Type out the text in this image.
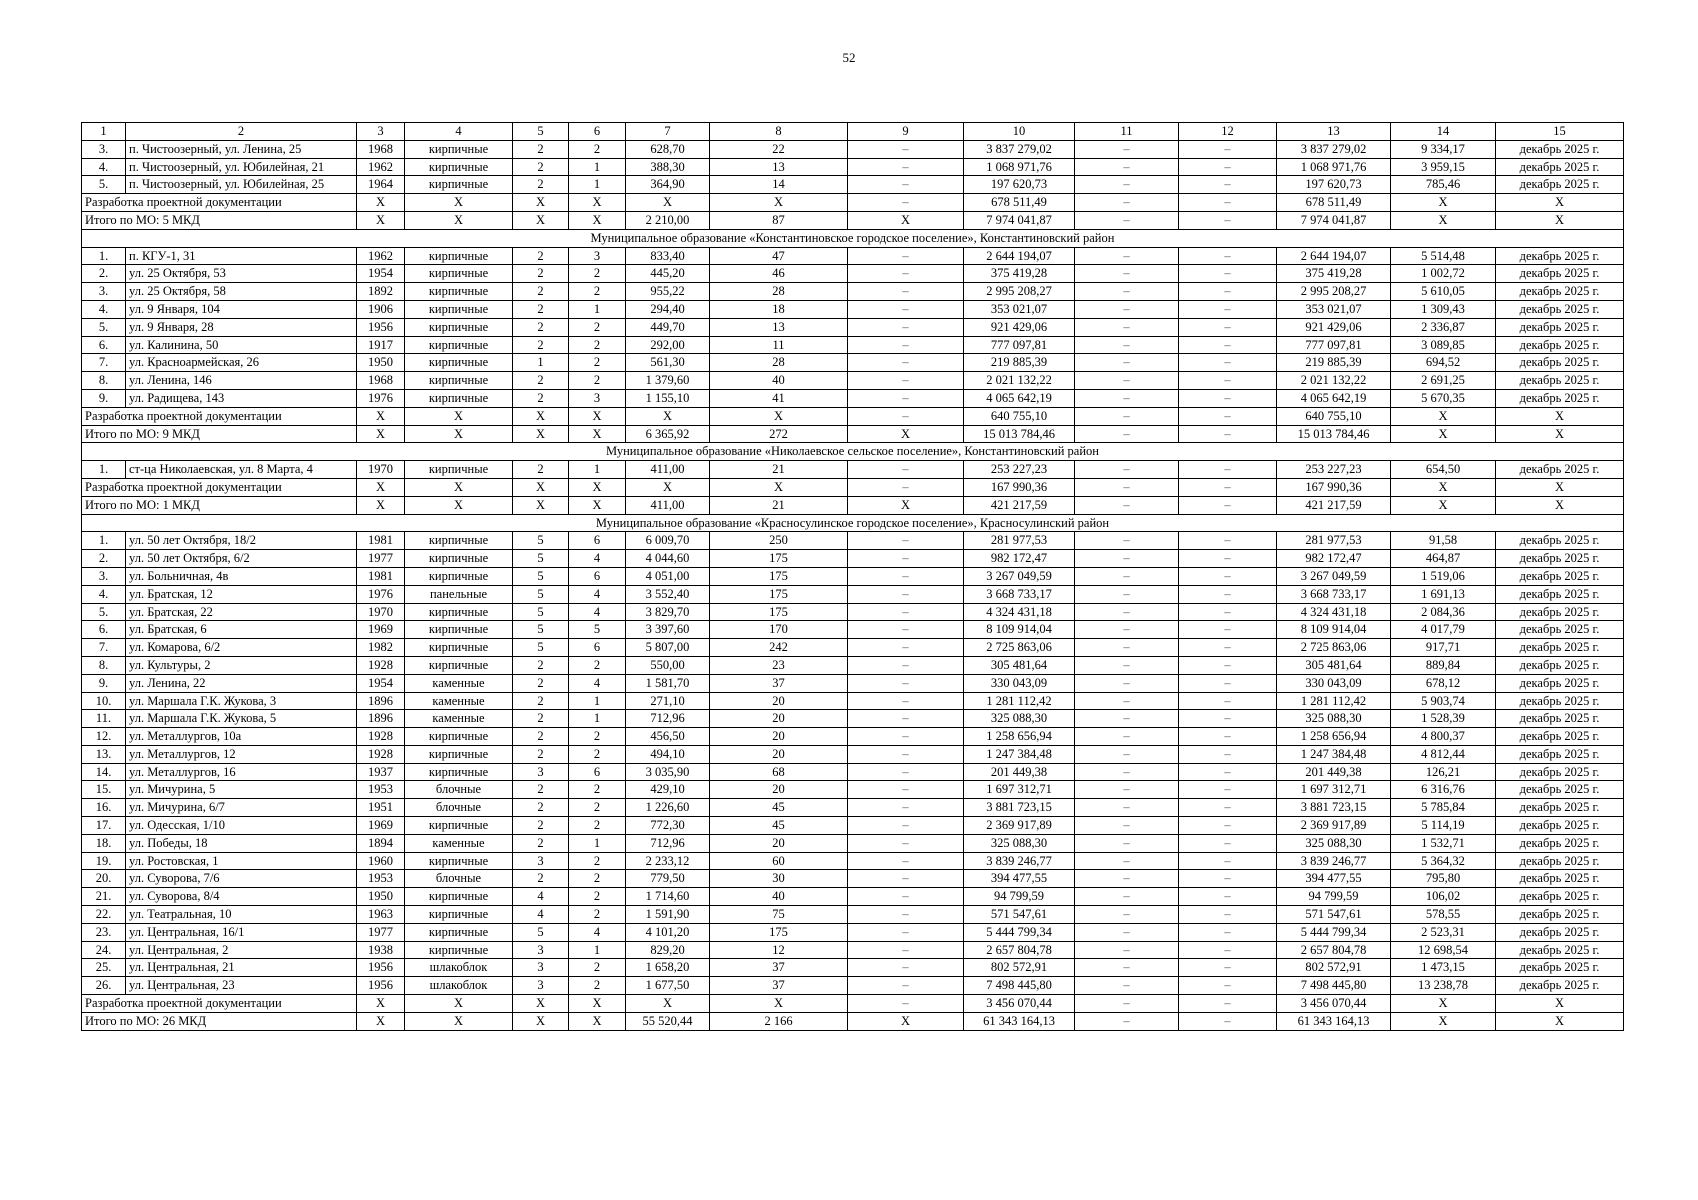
52
1	2	3	4	5	6	7	8	9	10	11	12	13	14	15
3.	п. Чистоозерный, ул. Ленина, 25	1968	кирпичные	2	2	628,70	22	–	3 837 279,02	–	–	3 837 279,02	9 334,17	декабрь 2025 г.
4.	п. Чистоозерный, ул. Юбилейная, 21	1962	кирпичные	2	1	388,30	13	–	1 068 971,76	–	–	1 068 971,76	3 959,15	декабрь 2025 г.
5.	п. Чистоозерный, ул. Юбилейная, 25	1964	кирпичные	2	1	364,90	14	–	197 620,73	–	–	197 620,73	785,46	декабрь 2025 г.
Разработка проектной документации		Х	Х	Х	Х	Х	Х	–	678 511,49	–	–	678 511,49	Х	Х
Итого по МО: 5 МКД		Х	Х	Х	Х	2 210,00	87	Х	7 974 041,87	–	–	7 974 041,87	Х	Х
Муниципальное образование «Константиновское городское поселение», Константиновский район														
1.	п. КГУ-1, 31	1962	кирпичные	2	3	833,40	47	–	2 644 194,07	–	–	2 644 194,07	5 514,48	декабрь 2025 г.
2.	ул. 25 Октября, 53	1954	кирпичные	2	2	445,20	46	–	375 419,28	–	–	375 419,28	1 002,72	декабрь 2025 г.
3.	ул. 25 Октября, 58	1892	кирпичные	2	2	955,22	28	–	2 995 208,27	–	–	2 995 208,27	5 610,05	декабрь 2025 г.
4.	ул. 9 Января, 104	1906	кирпичные	2	1	294,40	18	–	353 021,07	–	–	353 021,07	1 309,43	декабрь 2025 г.
5.	ул. 9 Января, 28	1956	кирпичные	2	2	449,70	13	–	921 429,06	–	–	921 429,06	2 336,87	декабрь 2025 г.
6.	ул. Калинина, 50	1917	кирпичные	2	2	292,00	11	–	777 097,81	–	–	777 097,81	3 089,85	декабрь 2025 г.
7.	ул. Красноармейская, 26	1950	кирпичные	1	2	561,30	28	–	219 885,39	–	–	219 885,39	694,52	декабрь 2025 г.
8.	ул. Ленина, 146	1968	кирпичные	2	2	1 379,60	40	–	2 021 132,22	–	–	2 021 132,22	2 691,25	декабрь 2025 г.
9.	ул. Радищева, 143	1976	кирпичные	2	3	1 155,10	41	–	4 065 642,19	–	–	4 065 642,19	5 670,35	декабрь 2025 г.
Разработка проектной документации		Х	Х	Х	Х	Х	Х	–	640 755,10	–	–	640 755,10	Х	Х
Итого по МО: 9 МКД		Х	Х	Х	Х	6 365,92	272	Х	15 013 784,46	–	–	15 013 784,46	Х	Х
Муниципальное образование «Николаевское сельское поселение», Константиновский район														
1.	ст-ца Николаевская, ул. 8 Марта, 4	1970	кирпичные	2	1	411,00	21	–	253 227,23	–	–	253 227,23	654,50	декабрь 2025 г.
Разработка проектной документации		Х	Х	Х	Х	Х	Х	–	167 990,36	–	–	167 990,36	Х	Х
Итого по МО: 1 МКД		Х	Х	Х	Х	411,00	21	Х	421 217,59	–	–	421 217,59	Х	Х
Муниципальное образование «Красносулинское городское поселение», Красносулинский район														
1.	ул. 50 лет Октября, 18/2	1981	кирпичные	5	6	6 009,70	250	–	281 977,53	–	–	281 977,53	91,58	декабрь 2025 г.
2.	ул. 50 лет Октября, 6/2	1977	кирпичные	5	4	4 044,60	175	–	982 172,47	–	–	982 172,47	464,87	декабрь 2025 г.
3.	ул. Больничная, 4в	1981	кирпичные	5	6	4 051,00	175	–	3 267 049,59	–	–	3 267 049,59	1 519,06	декабрь 2025 г.
4.	ул. Братская, 12	1976	панельные	5	4	3 552,40	175	–	3 668 733,17	–	–	3 668 733,17	1 691,13	декабрь 2025 г.
5.	ул. Братская, 22	1970	кирпичные	5	4	3 829,70	175	–	4 324 431,18	–	–	4 324 431,18	2 084,36	декабрь 2025 г.
6.	ул. Братская, 6	1969	кирпичные	5	5	3 397,60	170	–	8 109 914,04	–	–	8 109 914,04	4 017,79	декабрь 2025 г.
7.	ул. Комарова, 6/2	1982	кирпичные	5	6	5 807,00	242	–	2 725 863,06	–	–	2 725 863,06	917,71	декабрь 2025 г.
8.	ул. Культуры, 2	1928	кирпичные	2	2	550,00	23	–	305 481,64	–	–	305 481,64	889,84	декабрь 2025 г.
9.	ул. Ленина, 22	1954	каменные	2	4	1 581,70	37	–	330 043,09	–	–	330 043,09	678,12	декабрь 2025 г.
10.	ул. Маршала Г.К. Жукова, 3	1896	каменные	2	1	271,10	20	–	1 281 112,42	–	–	1 281 112,42	5 903,74	декабрь 2025 г.
11.	ул. Маршала Г.К. Жукова, 5	1896	каменные	2	1	712,96	20	–	325 088,30	–	–	325 088,30	1 528,39	декабрь 2025 г.
12.	ул. Металлургов, 10а	1928	кирпичные	2	2	456,50	20	–	1 258 656,94	–	–	1 258 656,94	4 800,37	декабрь 2025 г.
13.	ул. Металлургов, 12	1928	кирпичные	2	2	494,10	20	–	1 247 384,48	–	–	1 247 384,48	4 812,44	декабрь 2025 г.
14.	ул. Металлургов, 16	1937	кирпичные	3	6	3 035,90	68	–	201 449,38	–	–	201 449,38	126,21	декабрь 2025 г.
15.	ул. Мичурина, 5	1953	блочные	2	2	429,10	20	–	1 697 312,71	–	–	1 697 312,71	6 316,76	декабрь 2025 г.
16.	ул. Мичурина, 6/7	1951	блочные	2	2	1 226,60	45	–	3 881 723,15	–	–	3 881 723,15	5 785,84	декабрь 2025 г.
17.	ул. Одесская, 1/10	1969	кирпичные	2	2	772,30	45	–	2 369 917,89	–	–	2 369 917,89	5 114,19	декабрь 2025 г.
18.	ул. Победы, 18	1894	каменные	2	1	712,96	20	–	325 088,30	–	–	325 088,30	1 532,71	декабрь 2025 г.
19.	ул. Ростовская, 1	1960	кирпичные	3	2	2 233,12	60	–	3 839 246,77	–	–	3 839 246,77	5 364,32	декабрь 2025 г.
20.	ул. Суворова, 7/6	1953	блочные	2	2	779,50	30	–	394 477,55	–	–	394 477,55	795,80	декабрь 2025 г.
21.	ул. Суворова, 8/4	1950	кирпичные	4	2	1 714,60	40	–	94 799,59	–	–	94 799,59	106,02	декабрь 2025 г.
22.	ул. Театральная, 10	1963	кирпичные	4	2	1 591,90	75	–	571 547,61	–	–	571 547,61	578,55	декабрь 2025 г.
23.	ул. Центральная, 16/1	1977	кирпичные	5	4	4 101,20	175	–	5 444 799,34	–	–	5 444 799,34	2 523,31	декабрь 2025 г.
24.	ул. Центральная, 2	1938	кирпичные	3	1	829,20	12	–	2 657 804,78	–	–	2 657 804,78	12 698,54	декабрь 2025 г.
25.	ул. Центральная, 21	1956	шлакоблок	3	2	1 658,20	37	–	802 572,91	–	–	802 572,91	1 473,15	декабрь 2025 г.
26.	ул. Центральная, 23	1956	шлакоблок	3	2	1 677,50	37	–	7 498 445,80	–	–	7 498 445,80	13 238,78	декабрь 2025 г.
Разработка проектной документации		Х	Х	Х	Х	Х	Х	–	3 456 070,44	–	–	3 456 070,44	Х	Х
Итого по МО: 26 МКД		Х	Х	Х	Х	55 520,44	2 166	Х	61 343 164,13	–	–	61 343 164,13	Х	Х
